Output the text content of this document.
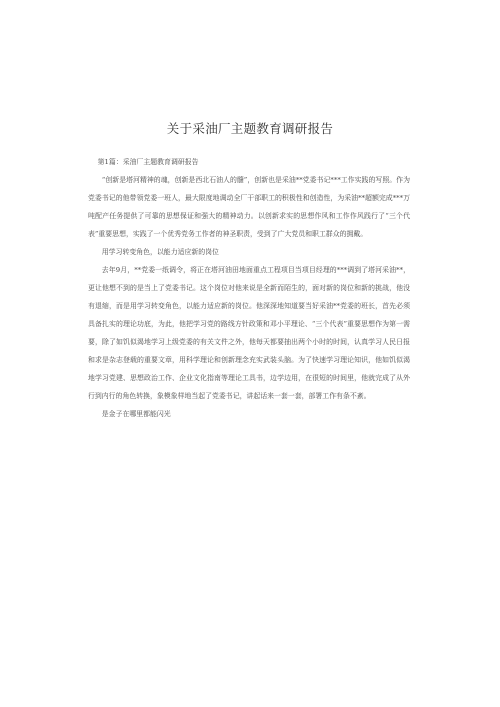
关于采油厂主题教育调研报告

第1篇：采油厂主题教育调研报告

“创新是塔河精神的魂，创新是西北石油人的髓”，创新也是采油**党委书记***工作实践的写照。作为党委书记的他带领党委一班人，最大限度地调动全厂干部职工的积极性和创造性，为采油**超额完成***万吨配产任务提供了可靠的思想保证和强大的精神动力。以创新求实的思想作风和工作作风践行了“三个代表”重要思想，实践了一个优秀党务工作者的神圣职责，受到了广大党员和职工群众的拥戴。

用学习转变角色，以能力适应新的岗位

去年9月，**党委一纸调令，将正在塔河油田地面重点工程项目当项目经理的***调到了塔河采油**，更让他想不到的是当上了党委书记。这个岗位对他来说是全新而陌生的，面对新的岗位和新的挑战，他没有退缩，而是用学习转变角色，以能力适应新的岗位。他深深地知道要当好采油**党委的班长，首先必须具备扎实的理论功底，为此，他把学习党的路线方针政策和邓小平理论、“三个代表”重要思想作为第一需要，除了如饥似渴地学习上级党委的有关文件之外，他每天都要抽出两个小时的时间，认真学习人民日报和求是杂志登载的重要文章，用科学理论和创新理念充实武装头脑。为了快速学习理论知识，他如饥似渴地学习党建、思想政治工作、企业文化指南等理论工具书，边学边用，在很短的时间里，他就完成了从外行到内行的角色转换，象模象样地当起了党委书记，讲起话来一套一套，部署工作有条不紊。

是金子在哪里都能闪光
